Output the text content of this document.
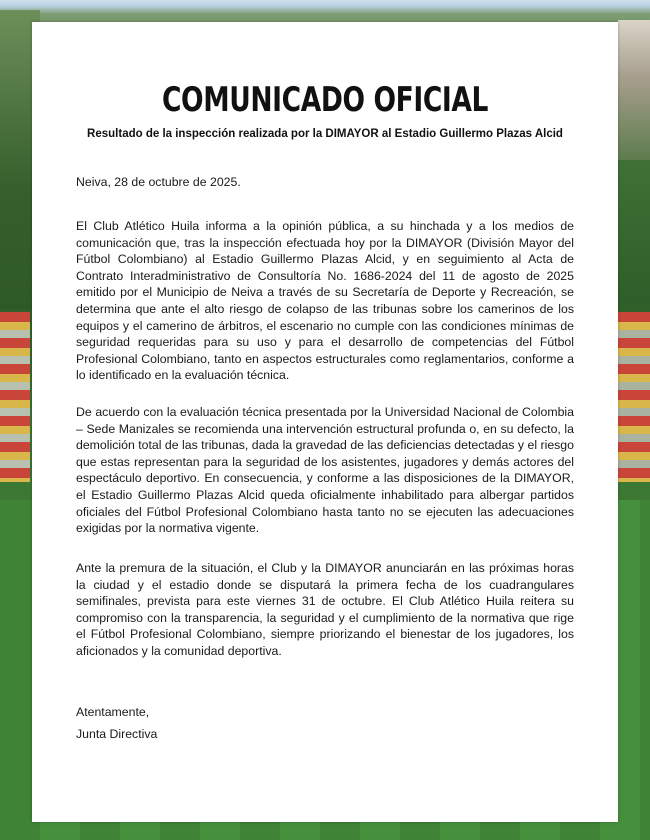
COMUNICADO OFICIAL
Resultado de la inspección realizada por la DIMAYOR al Estadio Guillermo Plazas Alcid
Neiva, 28 de octubre de 2025.
El Club Atlético Huila informa a la opinión pública, a su hinchada y a los medios de comunicación que, tras la inspección efectuada hoy por la DIMAYOR (División Mayor del Fútbol Colombiano) al Estadio Guillermo Plazas Alcid, y en seguimiento al Acta de Contrato Interadministrativo de Consultoría No. 1686-2024 del 11 de agosto de 2025 emitido por el Municipio de Neiva a través de su Secretaría de Deporte y Recreación, se determina que ante el alto riesgo de colapso de las tribunas sobre los camerinos de los equipos y el camerino de árbitros, el escenario no cumple con las condiciones mínimas de seguridad requeridas para su uso y para el desarrollo de competencias del Fútbol Profesional Colombiano, tanto en aspectos estructurales como reglamentarios, conforme a lo identificado en la evaluación técnica.
De acuerdo con la evaluación técnica presentada por la Universidad Nacional de Colombia – Sede Manizales se recomienda una intervención estructural profunda o, en su defecto, la demolición total de las tribunas, dada la gravedad de las deficiencias detectadas y el riesgo que estas representan para la seguridad de los asistentes, jugadores y demás actores del espectáculo deportivo. En consecuencia, y conforme a las disposiciones de la DIMAYOR, el Estadio Guillermo Plazas Alcid queda oficialmente inhabilitado para albergar partidos oficiales del Fútbol Profesional Colombiano hasta tanto no se ejecuten las adecuaciones exigidas por la normativa vigente.
Ante la premura de la situación, el Club y la DIMAYOR anunciarán en las próximas horas la ciudad y el estadio donde se disputará la primera fecha de los cuadrangulares semifinales, prevista para este viernes 31 de octubre. El Club Atlético Huila reitera su compromiso con la transparencia, la seguridad y el cumplimiento de la normativa que rige el Fútbol Profesional Colombiano, siempre priorizando el bienestar de los jugadores, los aficionados y la comunidad deportiva.
Atentamente,
Junta Directiva
